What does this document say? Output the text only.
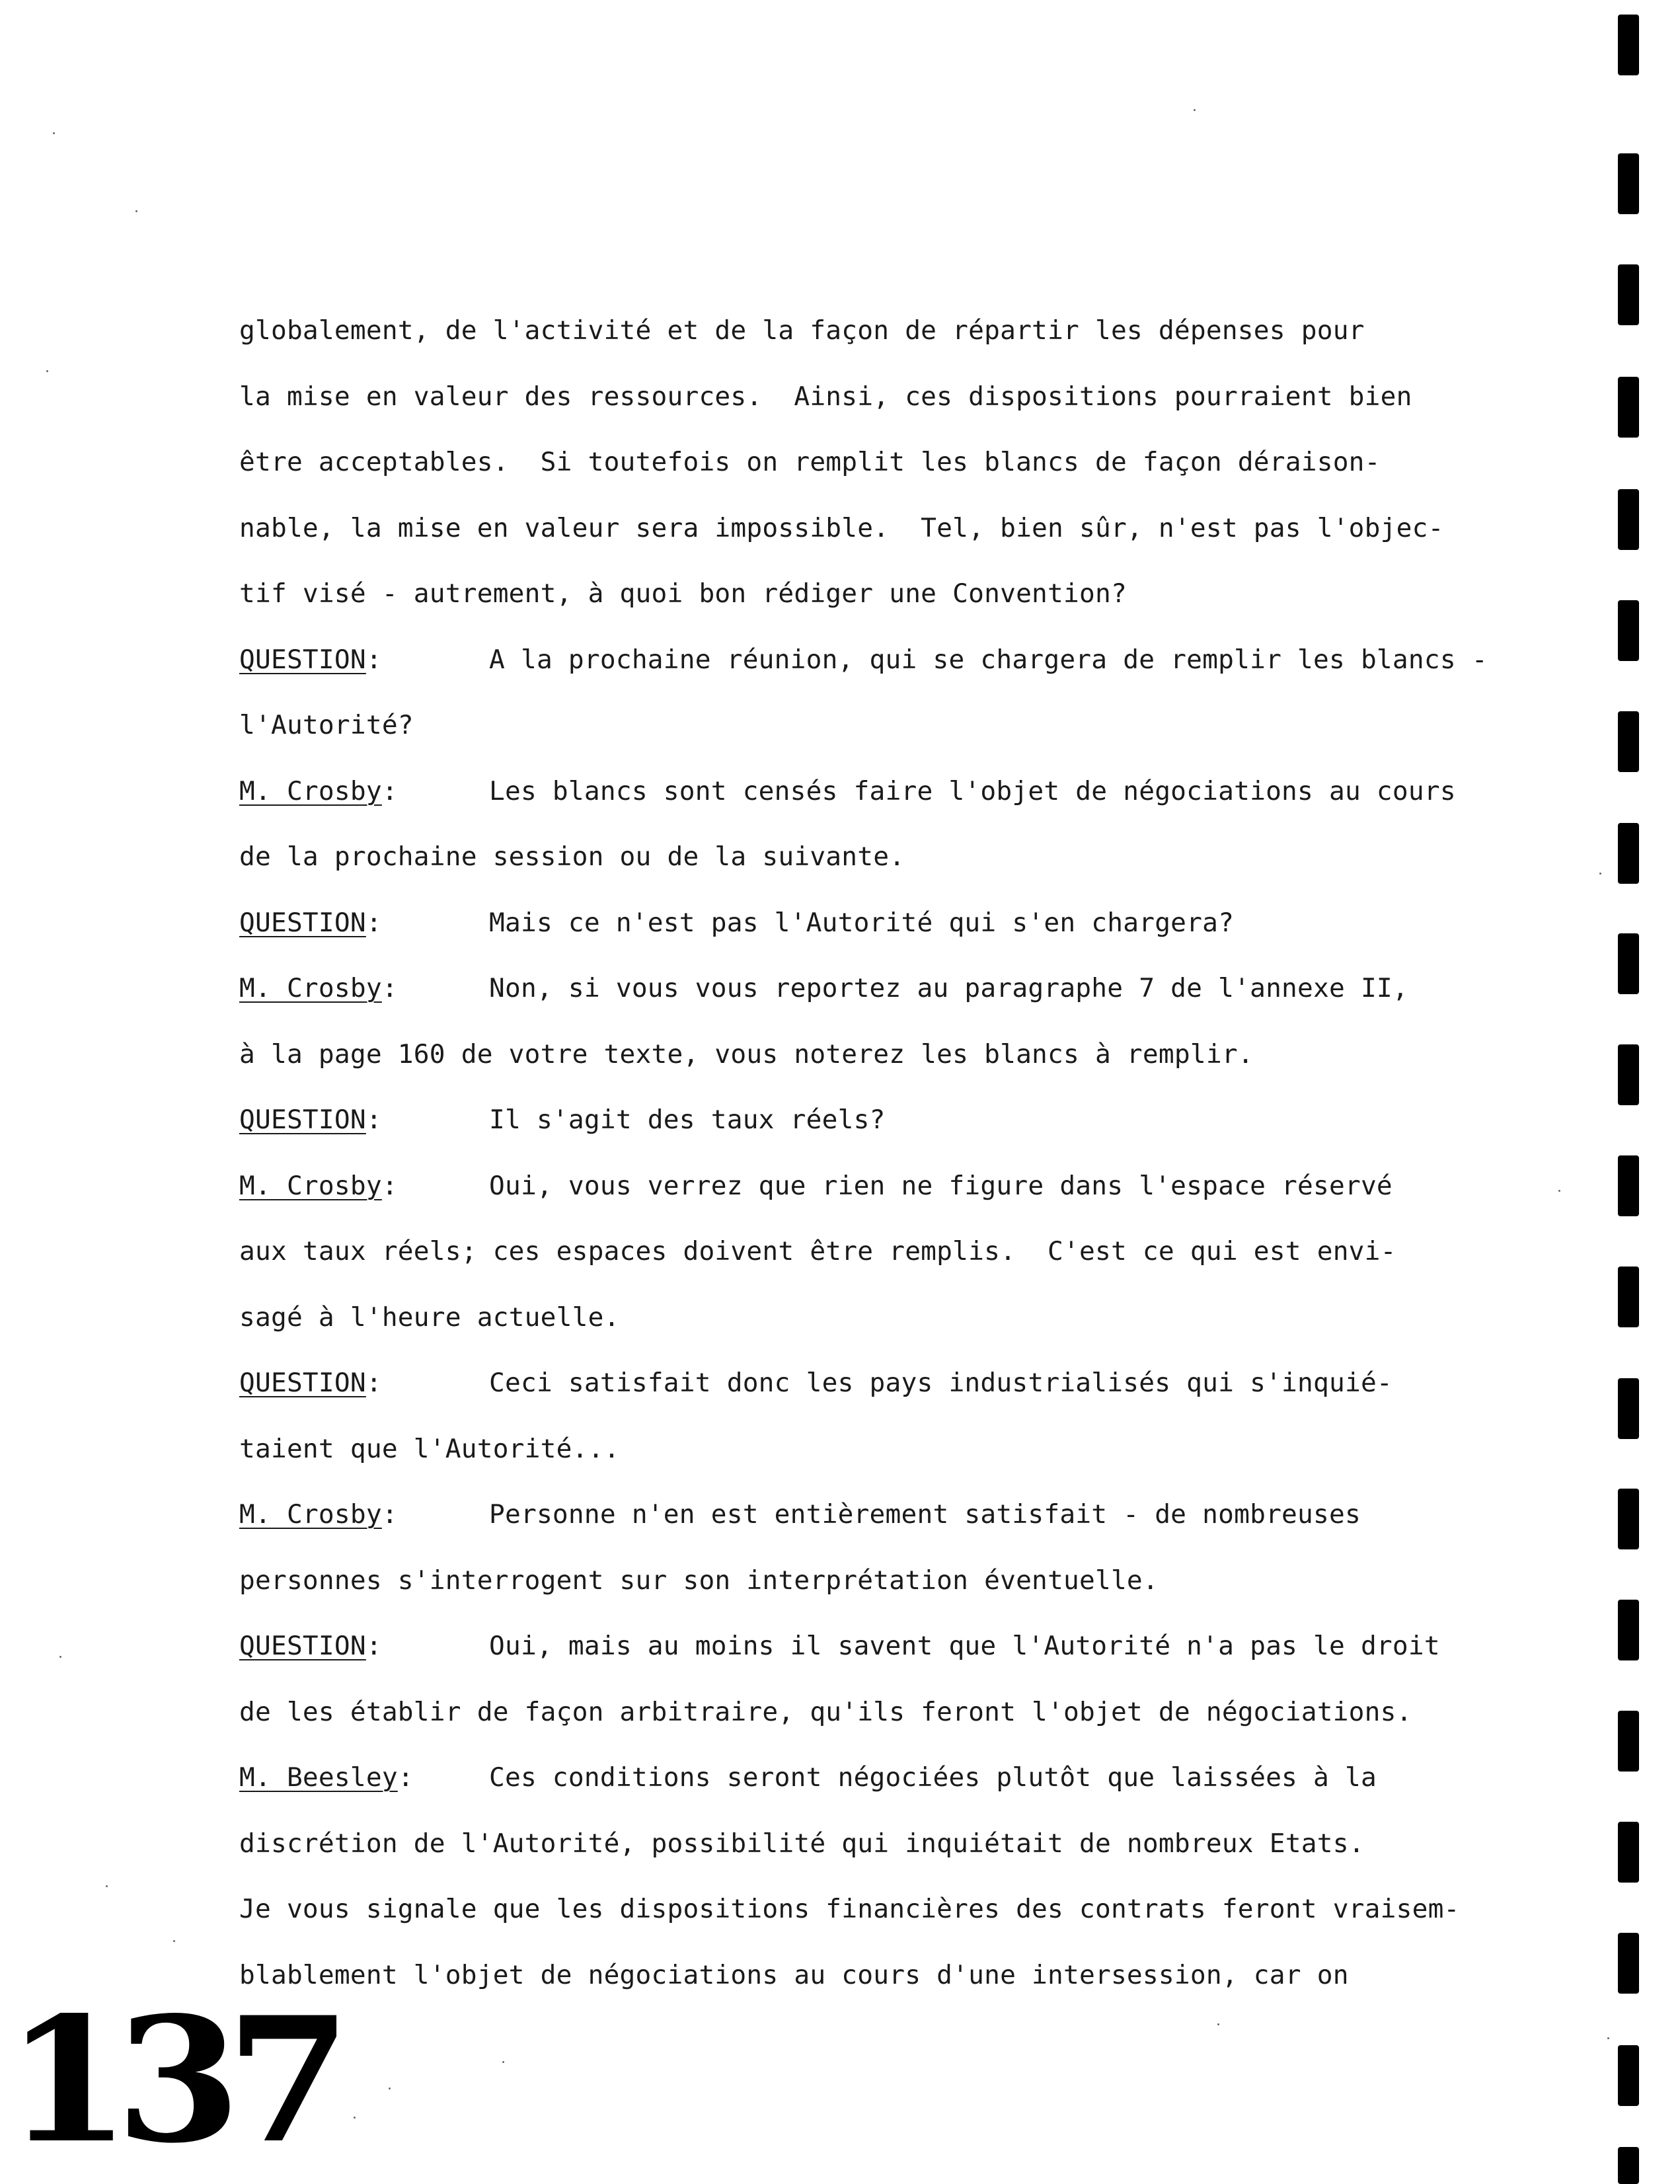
globalement, de l'activité et de la façon de répartir les dépenses pour
la mise en valeur des ressources.  Ainsi, ces dispositions pourraient bien
être acceptables.  Si toutefois on remplit les blancs de façon déraison-
nable, la mise en valeur sera impossible.  Tel, bien sûr, n'est pas l'objec-
tif visé - autrement, à quoi bon rédiger une Convention?
QUESTION:	A la prochaine réunion, qui se chargera de remplir les blancs -
l'Autorité?
M. Crosby:	Les blancs sont censés faire l'objet de négociations au cours
de la prochaine session ou de la suivante.
QUESTION:	Mais ce n'est pas l'Autorité qui s'en chargera?
M. Crosby:	Non, si vous vous reportez au paragraphe 7 de l'annexe II,
à la page 160 de votre texte, vous noterez les blancs à remplir.
QUESTION:	Il s'agit des taux réels?
M. Crosby:	Oui, vous verrez que rien ne figure dans l'espace réservé
aux taux réels; ces espaces doivent être remplis.  C'est ce qui est envi-
sagé à l'heure actuelle.
QUESTION:	Ceci satisfait donc les pays industrialisés qui s'inquié-
taient que l'Autorité...
M. Crosby:	Personne n'en est entièrement satisfait - de nombreuses
personnes s'interrogent sur son interprétation éventuelle.
QUESTION:	Oui, mais au moins il savent que l'Autorité n'a pas le droit
de les établir de façon arbitraire, qu'ils feront l'objet de négociations.
M. Beesley:	Ces conditions seront négociées plutôt que laissées à la
discrétion de l'Autorité, possibilité qui inquiétait de nombreux Etats.
Je vous signale que les dispositions financières des contrats feront vraisem-
blablement l'objet de négociations au cours d'une intersession, car on
137
